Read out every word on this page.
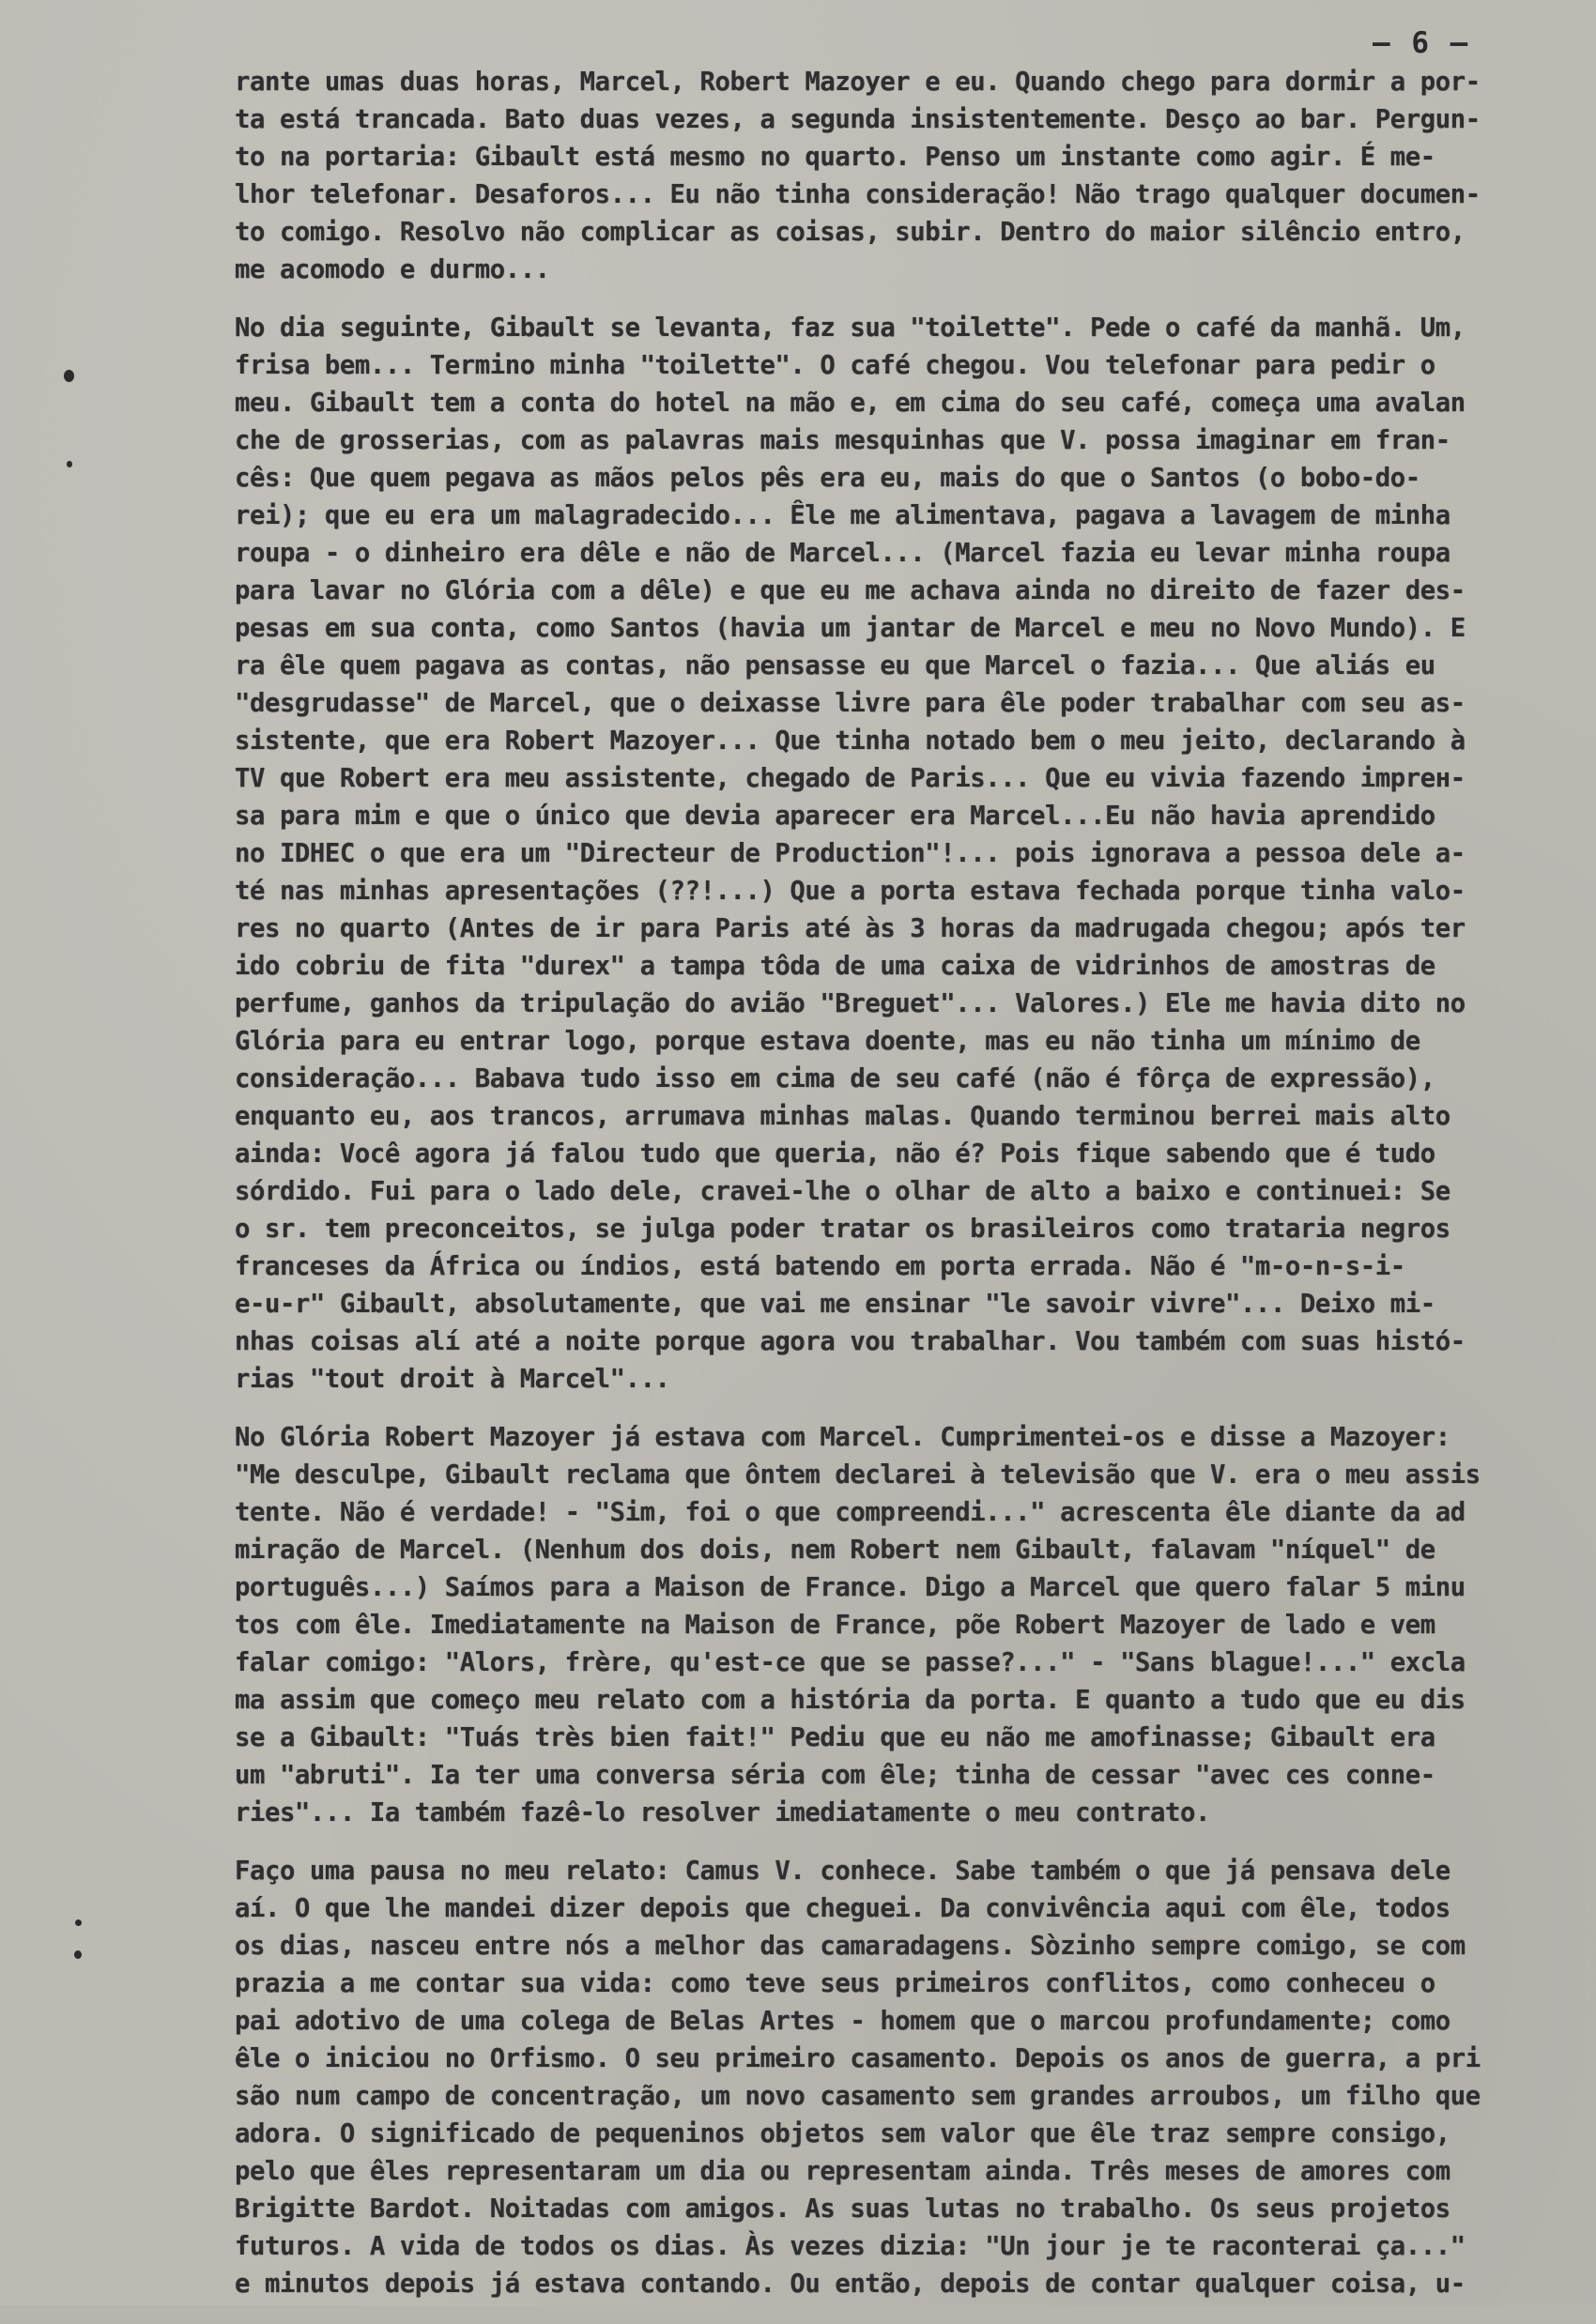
– 6 –
rante umas duas horas, Marcel, Robert Mazoyer e eu. Quando chego para dormir a por-
ta está trancada. Bato duas vezes, a segunda insistentemente. Desço ao bar. Pergun-
to na portaria: Gibault está mesmo no quarto. Penso um instante como agir. É me-
lhor telefonar. Desaforos... Eu não tinha consideração! Não trago qualquer documen-
to comigo. Resolvo não complicar as coisas, subir. Dentro do maior silêncio entro,
me acomodo e durmo...
No dia seguinte, Gibault se levanta, faz sua "toilette". Pede o café da manhã. Um,
frisa bem... Termino minha "toilette". O café chegou. Vou telefonar para pedir o
meu. Gibault tem a conta do hotel na mão e, em cima do seu café, começa uma avalan
che de grosserias, com as palavras mais mesquinhas que V. possa imaginar em fran-
cês: Que quem pegava as mãos pelos pês era eu, mais do que o Santos (o bobo-do-
rei); que eu era um malagradecido... Êle me alimentava, pagava a lavagem de minha
roupa - o dinheiro era dêle e não de Marcel... (Marcel fazia eu levar minha roupa
para lavar no Glória com a dêle) e que eu me achava ainda no direito de fazer des-
pesas em sua conta, como Santos (havia um jantar de Marcel e meu no Novo Mundo). E
ra êle quem pagava as contas, não pensasse eu que Marcel o fazia... Que aliás eu
"desgrudasse" de Marcel, que o deixasse livre para êle poder trabalhar com seu as-
sistente, que era Robert Mazoyer... Que tinha notado bem o meu jeito, declarando à
TV que Robert era meu assistente, chegado de Paris... Que eu vivia fazendo imprен-
sa para mim e que o único que devia aparecer era Marcel...Eu não havia aprendido
no IDHEC o que era um "Directeur de Production"!... pois ignorava a pessoa dele a-
té nas minhas apresentações (??!...) Que a porta estava fechada porque tinha valo-
res no quarto (Antes de ir para Paris até às 3 horas da madrugada chegou; após ter
ido cobriu de fita "durex" a tampa tôda de uma caixa de vidrinhos de amostras de
perfume, ganhos da tripulação do avião "Breguet"... Valores.) Ele me havia dito no
Glória para eu entrar logo, porque estava doente, mas eu não tinha um mínimo de
consideração... Babava tudo isso em cima de seu café (não é fôrça de expressão),
enquanto eu, aos trancos, arrumava minhas malas. Quando terminou berrei mais alto
ainda: Você agora já falou tudo que queria, não é? Pois fique sabendo que é tudo
sórdido. Fui para o lado dele, cravei-lhe o olhar de alto a baixo e continuei: Se
o sr. tem preconceitos, se julga poder tratar os brasileiros como trataria negros
franceses da África ou índios, está batendo em porta errada. Não é "m-o-n-s-i-
e-u-r" Gibault, absolutamente, que vai me ensinar "le savoir vivre"... Deixo mi-
nhas coisas alí até a noite porque agora vou trabalhar. Vou também com suas histó-
rias "tout droit à Marcel"...
No Glória Robert Mazoyer já estava com Marcel. Cumprimentei-os e disse a Mazoyer:
"Me desculpe, Gibault reclama que ôntem declarei à televisão que V. era o meu assis
tente. Não é verdade! - "Sim, foi o que compreendi..." acrescenta êle diante da ad
miração de Marcel. (Nenhum dos dois, nem Robert nem Gibault, falavam "níquel" de
português...) Saímos para a Maison de France. Digo a Marcel que quero falar 5 minu
tos com êle. Imediatamente na Maison de France, põe Robert Mazoyer de lado e vem
falar comigo: "Alors, frère, qu'est-ce que se passe?..." - "Sans blague!..." excla
ma assim que começo meu relato com a história da porta. E quanto a tudo que eu dis
se a Gibault: "Tuás très bien fait!" Pediu que eu não me amofinasse; Gibault era
um "abruti". Ia ter uma conversa séria com êle; tinha de cessar "avec ces conne-
ries"... Ia também fazê-lo resolver imediatamente o meu contrato.
Faço uma pausa no meu relato: Camus V. conhece. Sabe também o que já pensava dele
aí. O que lhe mandei dizer depois que cheguei. Da convivência aqui com êle, todos
os dias, nasceu entre nós a melhor das camaradagens. Sòzinho sempre comigo, se com
prazia a me contar sua vida: como teve seus primeiros conflitos, como conheceu o
pai adotivo de uma colega de Belas Artes - homem que o marcou profundamente; como
êle o iniciou no Orfismo. O seu primeiro casamento. Depois os anos de guerra, a pri
são num campo de concentração, um novo casamento sem grandes arroubos, um filho que
adora. O significado de pequeninos objetos sem valor que êle traz sempre consigo,
pelo que êles representaram um dia ou representam ainda. Três meses de amores com
Brigitte Bardot. Noitadas com amigos. As suas lutas no trabalho. Os seus projetos
futuros. A vida de todos os dias. Às vezes dizia: "Un jour je te raconterai ça..."
e minutos depois já estava contando. Ou então, depois de contar qualquer coisa, u-
